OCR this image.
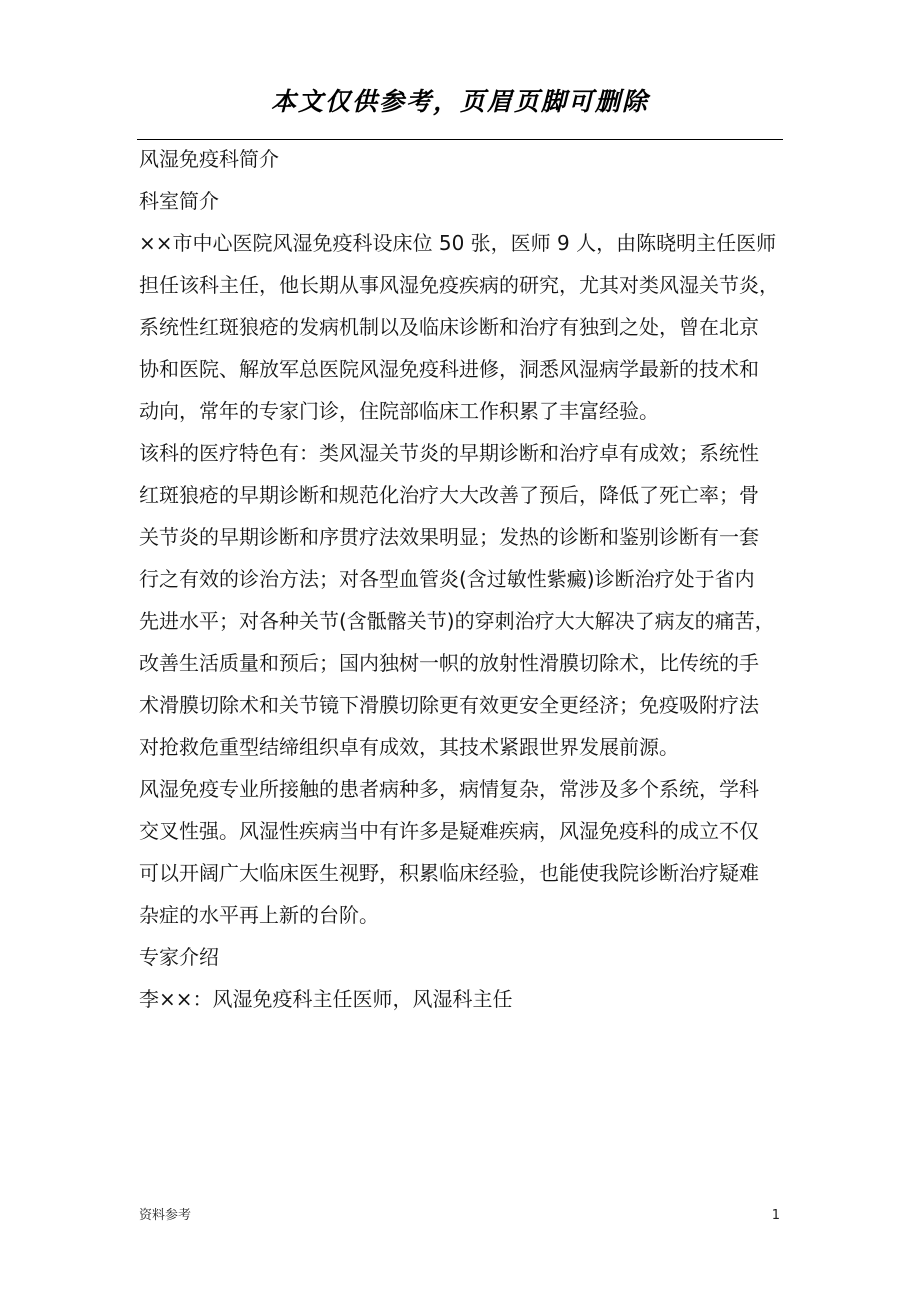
本文仅供参考，页眉页脚可删除

风湿免疫科简介

科室简介

××市中心医院风湿免疫科设床位 50 张，医师 9 人，由陈晓明主任医师
担任该科主任，他长期从事风湿免疫疾病的研究，尤其对类风湿关节炎，
系统性红斑狼疮的发病机制以及临床诊断和治疗有独到之处，曾在北京
协和医院、解放军总医院风湿免疫科进修，洞悉风湿病学最新的技术和
动向，常年的专家门诊，住院部临床工作积累了丰富经验。

该科的医疗特色有：类风湿关节炎的早期诊断和治疗卓有成效；系统性
红斑狼疮的早期诊断和规范化治疗大大改善了预后，降低了死亡率；骨
关节炎的早期诊断和序贯疗法效果明显；发热的诊断和鉴别诊断有一套
行之有效的诊治方法；对各型血管炎(含过敏性紫癜)诊断治疗处于省内
先进水平；对各种关节(含骶髂关节)的穿刺治疗大大解决了病友的痛苦，
改善生活质量和预后；国内独树一帜的放射性滑膜切除术，比传统的手
术滑膜切除术和关节镜下滑膜切除更有效更安全更经济；免疫吸附疗法
对抢救危重型结缔组织卓有成效，其技术紧跟世界发展前源。

风湿免疫专业所接触的患者病种多，病情复杂，常涉及多个系统，学科
交叉性强。风湿性疾病当中有许多是疑难疾病，风湿免疫科的成立不仅
可以开阔广大临床医生视野，积累临床经验，也能使我院诊断治疗疑难
杂症的水平再上新的台阶。

专家介绍

李××：风湿免疫科主任医师，风湿科主任

资料参考	1
